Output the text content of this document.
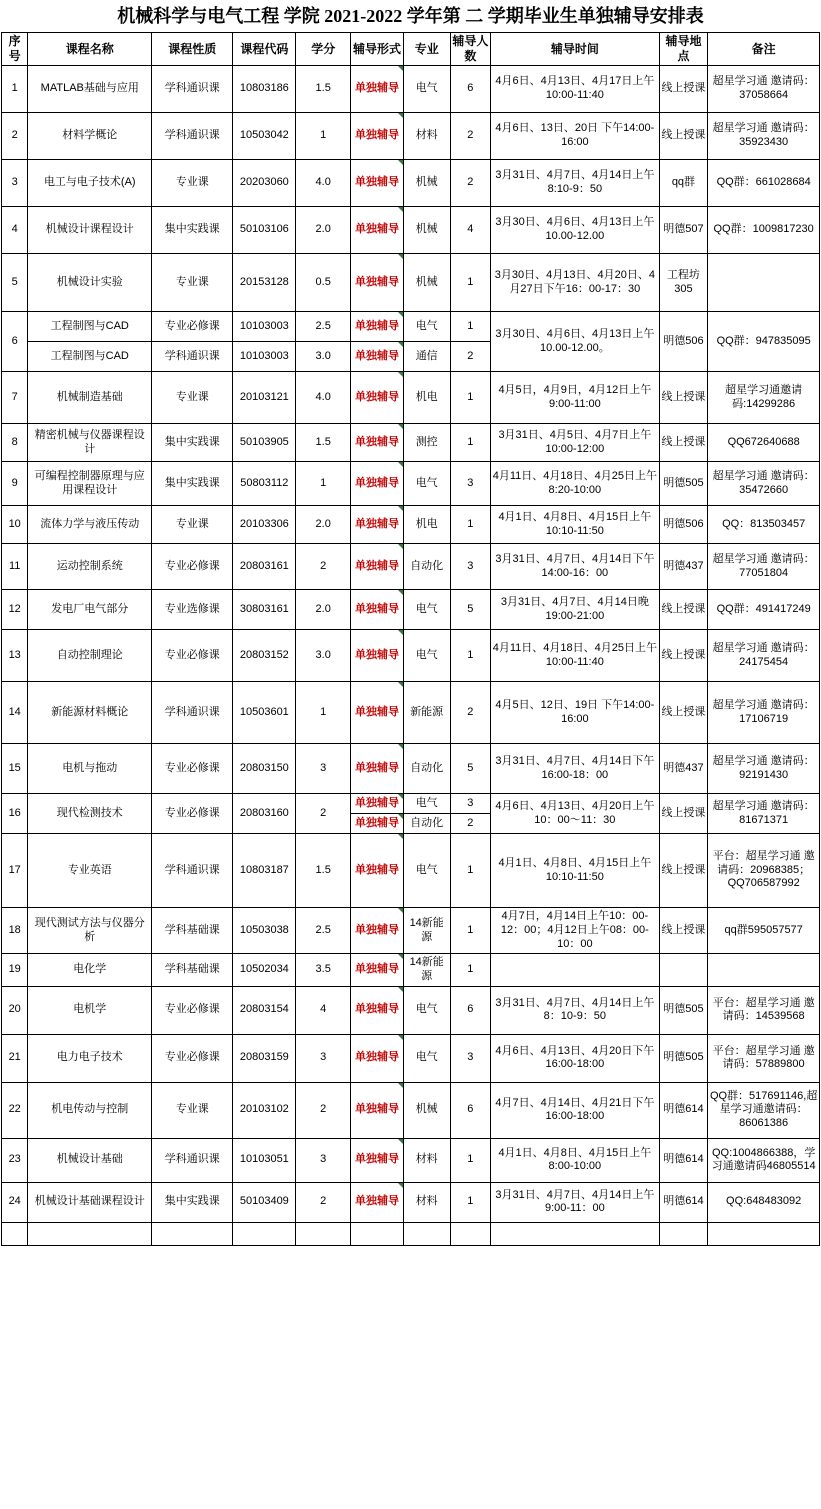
机械科学与电气工程 学院 2021-2022 学年第 二 学期毕业生单独辅导安排表
序号	课程名称	课程性质	课程代码	学分	辅导形式	专业	辅导人数	辅导时间	辅导地点	备注
1	MATLAB基础与应用	学科通识课	10803186	1.5	单独辅导	电气	6	4月6日、4月13日、4月17日上午10:00-11:40	线上授课	超星学习通 邀请码：37058664
2	材料学概论	学科通识课	10503042	1	单独辅导	材料	2	4月6日、13日、20日 下午14:00-16:00	线上授课	超星学习通 邀请码：35923430
3	电工与电子技术(A)	专业课	20203060	4.0	单独辅导	机械	2	3月31日、4月7日、4月14日上午8:10-9：50	qq群	QQ群：661028684
4	机械设计课程设计	集中实践课	50103106	2.0	单独辅导	机械	4	3月30日、4月6日、4月13日上午10.00-12.00	明德507	QQ群：1009817230
5	机械设计实验	专业课	20153128	0.5	单独辅导	机械	1	3月30日、4月13日、4月20日、4月27日下午16：00-17：30	工程坊305	
6	工程制图与CAD	专业必修课	10103003	2.5	单独辅导	电气	1	3月30日、4月6日、4月13日上午10.00-12.00。	明德506	QQ群：947835095
	工程制图与CAD	学科通识课	10103003	3.0	单独辅导	通信	2			
7	机械制造基础	专业课	20103121	4.0	单独辅导	机电	1	4月5日，4月9日，4月12日上午9:00-11:00	线上授课	超星学习通邀请码:14299286
8	精密机械与仪器课程设计	集中实践课	50103905	1.5	单独辅导	测控	1	3月31日、4月5日、4月7日上午10:00-12:00	线上授课	QQ672640688
9	可编程控制器原理与应用课程设计	集中实践课	50803112	1	单独辅导	电气	3	4月11日、4月18日、4月25日上午8:20-10:00	明德505	超星学习通 邀请码：35472660
10	流体力学与液压传动	专业课	20103306	2.0	单独辅导	机电	1	4月1日、4月8日、4月15日上午10:10-11:50	明德506	QQ：813503457
11	运动控制系统	专业必修课	20803161	2	单独辅导	自动化	3	3月31日、4月7日、4月14日下午14:00-16：00	明德437	超星学习通 邀请码：77051804
12	发电厂电气部分	专业选修课	30803161	2.0	单独辅导	电气	5	3月31日、4月7日、4月14日晚19:00-21:00	线上授课	QQ群：491417249
13	自动控制理论	专业必修课	20803152	3.0	单独辅导	电气	1	4月11日、4月18日、4月25日上午10:00-11:40	线上授课	超星学习通 邀请码：24175454
14	新能源材料概论	学科通识课	10503601	1	单独辅导	新能源	2	4月5日、12日、19日 下午14:00-16:00	线上授课	超星学习通 邀请码：17106719
15	电机与拖动	专业必修课	20803150	3	单独辅导	自动化	5	3月31日、4月7日、4月14日下午16:00-18：00	明德437	超星学习通 邀请码：92191430
16	现代检测技术	专业必修课	20803160	2	单独辅导	电气	3	4月6日、4月13日、4月20日上午10：00～11：30	线上授课	超星学习通 邀请码：81671371
					单独辅导	自动化	2			
17	专业英语	学科通识课	10803187	1.5	单独辅导	电气	1	4月1日、4月8日、4月15日上午10:10-11:50	线上授课	平台：超星学习通 邀请码：20968385；QQ706587992
18	现代测试方法与仪器分析	学科基础课	10503038	2.5	单独辅导	14新能源	1	4月7日，4月14日上午10：00-12：00；4月12日上午08：00-10：00	线上授课	qq群595057577
19	电化学	学科基础课	10502034	3.5	单独辅导	14新能源	1			
20	电机学	专业必修课	20803154	4	单独辅导	电气	6	3月31日、4月7日、4月14日上午8：10-9：50	明德505	平台：超星学习通 邀请码：14539568
21	电力电子技术	专业必修课	20803159	3	单独辅导	电气	3	4月6日、4月13日、4月20日下午16:00-18:00	明德505	平台：超星学习通 邀请码：57889800
22	机电传动与控制	专业课	20103102	2	单独辅导	机械	6	4月7日、4月14日、4月21日下午16:00-18:00	明德614	QQ群：517691146,超星学习通邀请码：86061386
23	机械设计基础	学科通识课	10103051	3	单独辅导	材料	1	4月1日、4月8日、4月15日上午8:00-10:00	明德614	QQ:1004866388，学习通邀请码46805514
24	机械设计基础课程设计	集中实践课	50103409	2	单独辅导	材料	1	3月31日、4月7日、4月14日上午9:00-11：00	明德614	QQ:648483092
